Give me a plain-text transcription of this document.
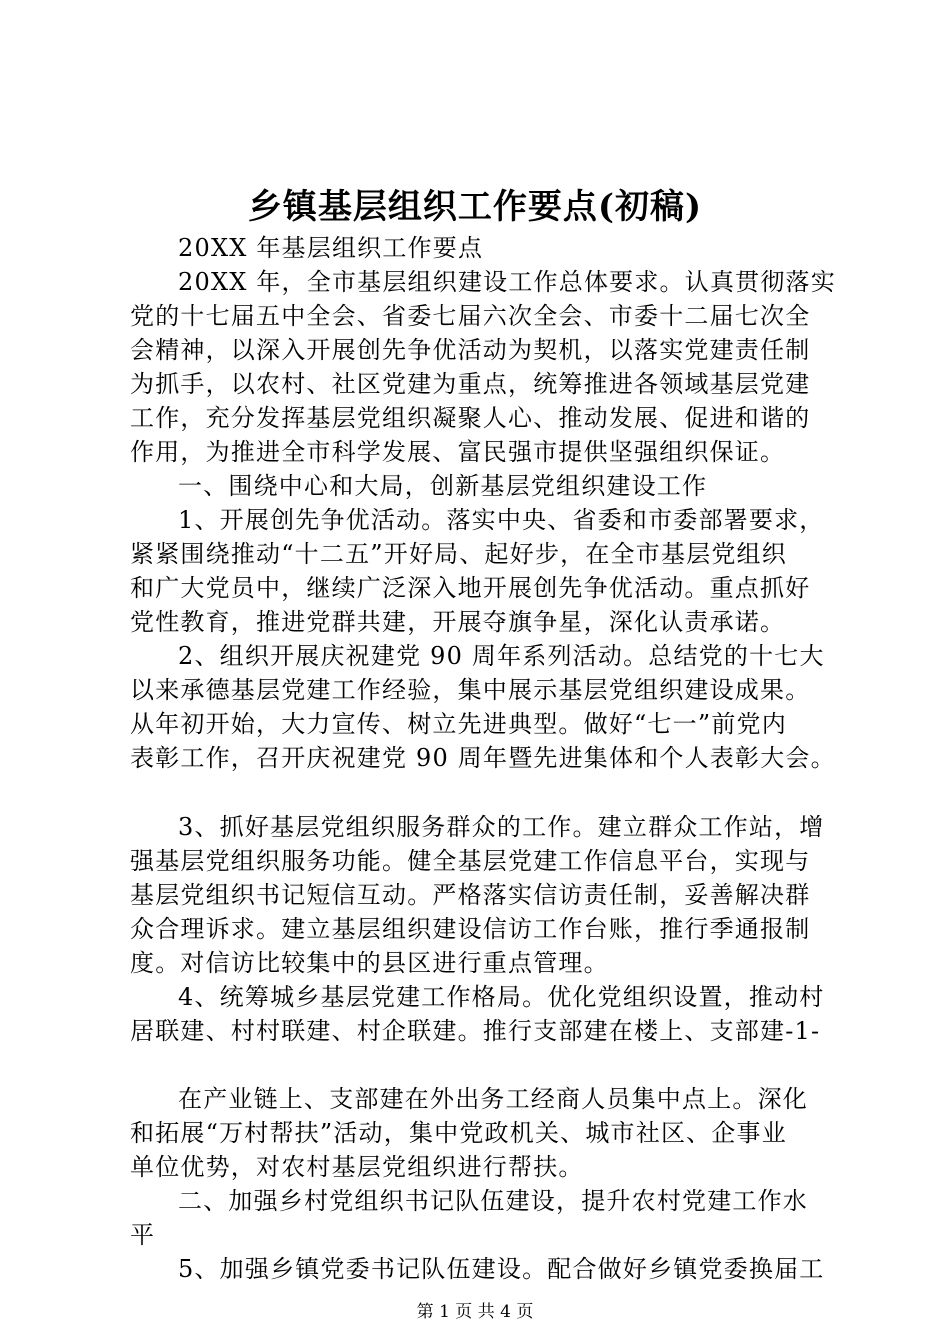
乡镇基层组织工作要点(初稿)
20XX 年基层组织工作要点
20XX 年，全市基层组织建设工作总体要求。认真贯彻落实
党的十七届五中全会、省委七届六次全会、市委十二届七次全
会精神，以深入开展创先争优活动为契机，以落实党建责任制
为抓手，以农村、社区党建为重点，统筹推进各领域基层党建
工作，充分发挥基层党组织凝聚人心、推动发展、促进和谐的
作用，为推进全市科学发展、富民强市提供坚强组织保证。
一、围绕中心和大局，创新基层党组织建设工作
1、开展创先争优活动。落实中央、省委和市委部署要求，
紧紧围绕推动“十二五”开好局、起好步，在全市基层党组织
和广大党员中，继续广泛深入地开展创先争优活动。重点抓好
党性教育，推进党群共建，开展夺旗争星，深化认责承诺。
2、组织开展庆祝建党 90 周年系列活动。总结党的十七大
以来承德基层党建工作经验，集中展示基层党组织建设成果。
从年初开始，大力宣传、树立先进典型。做好“七一”前党内
表彰工作，召开庆祝建党 90 周年暨先进集体和个人表彰大会。
3、抓好基层党组织服务群众的工作。建立群众工作站，增
强基层党组织服务功能。健全基层党建工作信息平台，实现与
基层党组织书记短信互动。严格落实信访责任制，妥善解决群
众合理诉求。建立基层组织建设信访工作台账，推行季通报制
度。对信访比较集中的县区进行重点管理。
4、统筹城乡基层党建工作格局。优化党组织设置，推动村
居联建、村村联建、村企联建。推行支部建在楼上、支部建-1-
在产业链上、支部建在外出务工经商人员集中点上。深化
和拓展“万村帮扶”活动，集中党政机关、城市社区、企事业
单位优势，对农村基层党组织进行帮扶。
二、加强乡村党组织书记队伍建设，提升农村党建工作水
平
5、加强乡镇党委书记队伍建设。配合做好乡镇党委换届工
第 1 页 共 4 页
